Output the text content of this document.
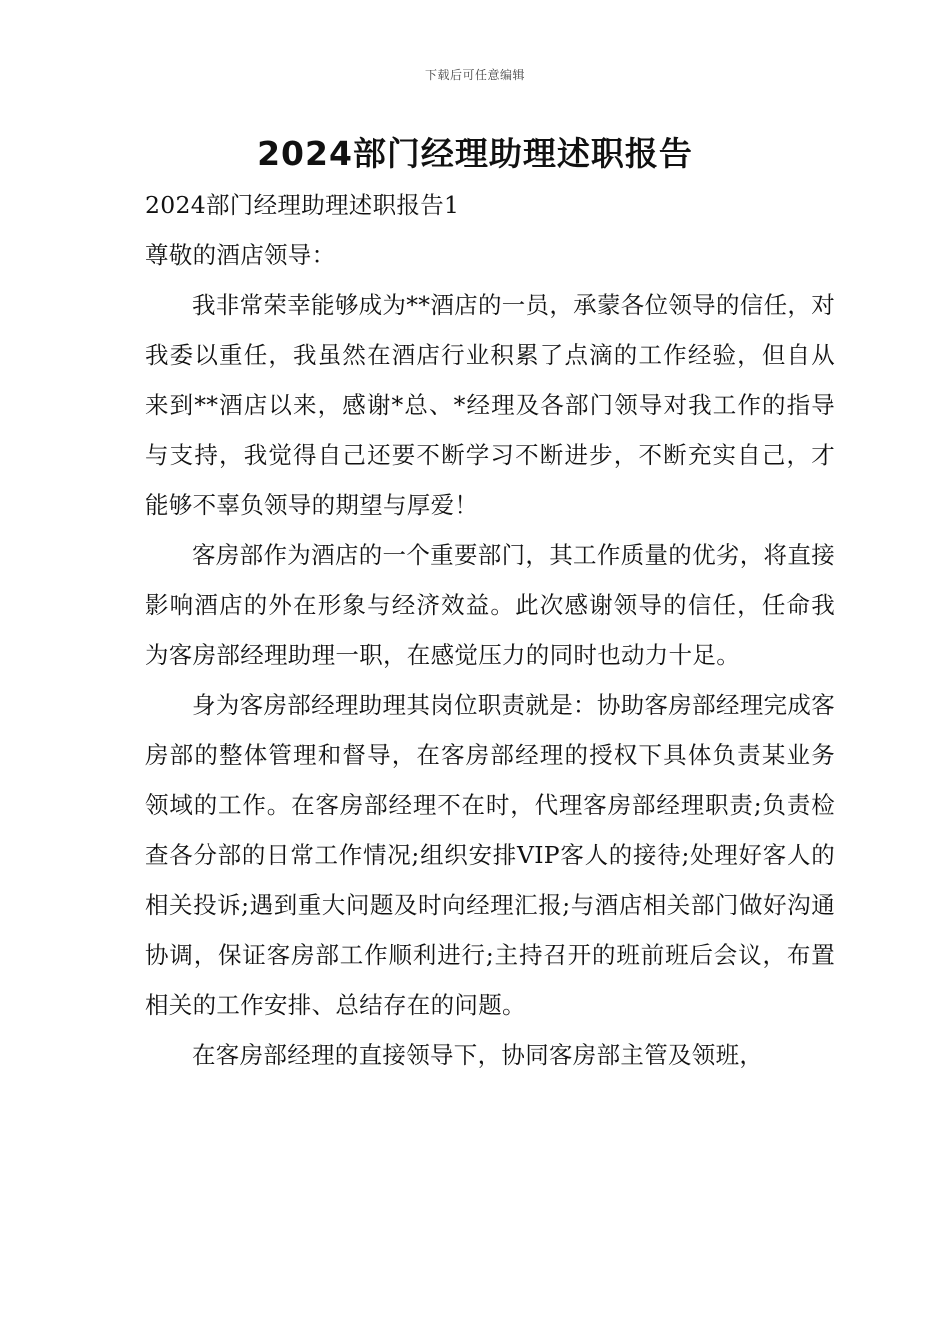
下载后可任意编辑
2024部门经理助理述职报告

2024部门经理助理述职报告1

尊敬的酒店领导：

我非常荣幸能够成为**酒店的一员，承蒙各位领导的信任，对我委以重任，我虽然在酒店行业积累了点滴的工作经验，但自从来到**酒店以来，感谢*总、*经理及各部门领导对我工作的指导与支持，我觉得自己还要不断学习不断进步，不断充实自己，才能够不辜负领导的期望与厚爱！

客房部作为酒店的一个重要部门，其工作质量的优劣，将直接影响酒店的外在形象与经济效益。此次感谢领导的信任，任命我为客房部经理助理一职，在感觉压力的同时也动力十足。

身为客房部经理助理其岗位职责就是：协助客房部经理完成客房部的整体管理和督导，在客房部经理的授权下具体负责某业务领域的工作。在客房部经理不在时，代理客房部经理职责;负责检查各分部的日常工作情况;组织安排VIP客人的接待;处理好客人的相关投诉;遇到重大问题及时向经理汇报;与酒店相关部门做好沟通协调，保证客房部工作顺利进行;主持召开的班前班后会议，布置相关的工作安排、总结存在的问题。

在客房部经理的直接领导下，协同客房部主管及领班，
